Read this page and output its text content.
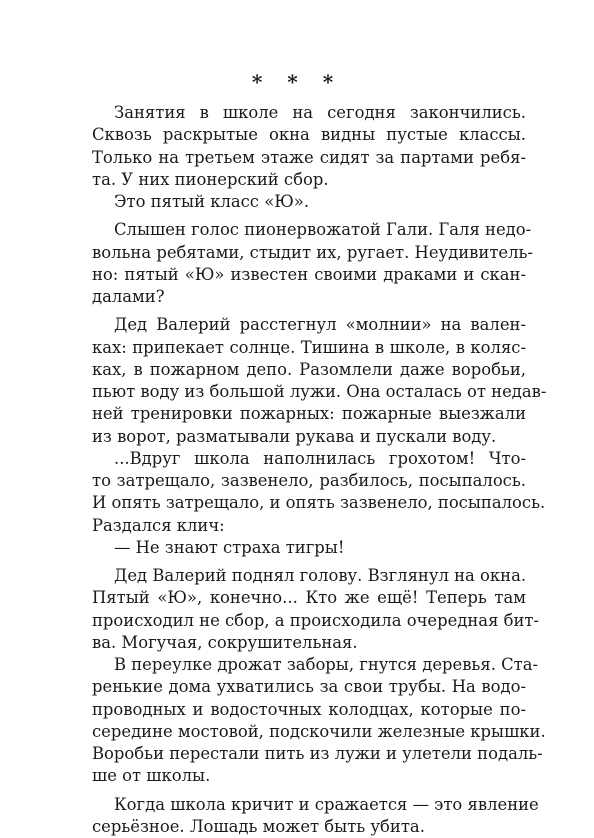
* * *
Занятия в школе на сегодня закончились.
Сквозь раскрытые окна видны пустые классы.
Только на третьем этаже сидят за партами ребя-
та. У них пионерский сбор.
Это пятый класс «Ю».
Слышен голос пионервожатой Гали. Галя недо-
вольна ребятами, стыдит их, ругает. Неудивитель-
но: пятый «Ю» известен своими драками и скан-
далами?
Дед Валерий расстегнул «молнии» на вален-
ках: припекает солнце. Тишина в школе, в коляс-
ках, в пожарном депо. Разомлели даже воробьи,
пьют воду из большой лужи. Она осталась от недав-
ней тренировки пожарных: пожарные выезжали
из ворот, разматывали рукава и пускали воду.
...Вдруг школа наполнилась грохотом! Что-
то затрещало, зазвенело, разбилось, посыпалось.
И опять затрещало, и опять зазвенело, посыпалось.
Раздался клич:
— Не знают страха тигры!
Дед Валерий поднял голову. Взглянул на окна.
Пятый «Ю», конечно... Кто же ещё! Теперь там
происходил не сбор, а происходила очередная бит-
ва. Могучая, сокрушительная.
В переулке дрожат заборы, гнутся деревья. Ста-
ренькие дома ухватились за свои трубы. На водо-
проводных и водосточных колодцах, которые по-
середине мостовой, подскочили железные крышки.
Воробьи перестали пить из лужи и улетели подаль-
ше от школы.
Когда школа кричит и сражается — это явление
серьёзное. Лошадь может быть убита.
